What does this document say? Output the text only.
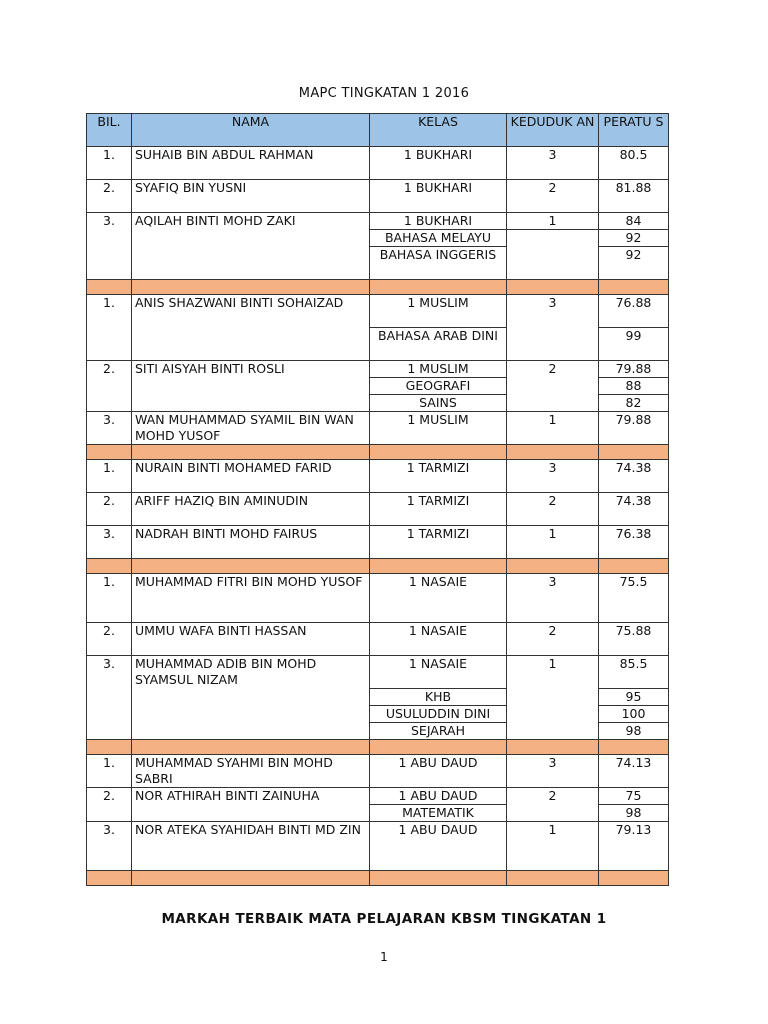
MAPC TINGKATAN 1 2016
BIL.	NAMA	KELAS	KEDUDUK AN	PERATU S
1.	SUHAIB BIN ABDUL RAHMAN	1 BUKHARI	3	80.5
2.	SYAFIQ BIN YUSNI	1 BUKHARI	2	81.88
3.	AQILAH BINTI MOHD ZAKI	1 BUKHARI	1	84
		BAHASA MELAYU		92
		BAHASA INGGERIS		92

1.	ANIS SHAZWANI BINTI SOHAIZAD	1 MUSLIM	3	76.88
		BAHASA ARAB DINI		99
2.	SITI AISYAH BINTI ROSLI	1 MUSLIM	2	79.88
		GEOGRAFI		88
		SAINS		82
3.	WAN MUHAMMAD SYAMIL BIN WAN MOHD YUSOF	1 MUSLIM	1	79.88

1.	NURAIN BINTI MOHAMED FARID	1 TARMIZI	3	74.38
2.	ARIFF HAZIQ BIN AMINUDIN	1 TARMIZI	2	74.38
3.	NADRAH BINTI MOHD FAIRUS	1 TARMIZI	1	76.38

1.	MUHAMMAD FITRI BIN MOHD YUSOF	1 NASAIE	3	75.5
2.	UMMU WAFA BINTI HASSAN	1 NASAIE	2	75.88
3.	MUHAMMAD ADIB BIN MOHD SYAMSUL NIZAM	1 NASAIE	1	85.5
		KHB		95
		USULUDDIN DINI		100
		SEJARAH		98

1.	MUHAMMAD SYAHMI BIN MOHD SABRI	1 ABU DAUD	3	74.13
2.	NOR ATHIRAH BINTI ZAINUHA	1 ABU DAUD	2	75
		MATEMATIK		98
3.	NOR ATEKA SYAHIDAH BINTI MD ZIN	1 ABU DAUD	1	79.13

MARKAH TERBAIK MATA PELAJARAN KBSM TINGKATAN 1
1
